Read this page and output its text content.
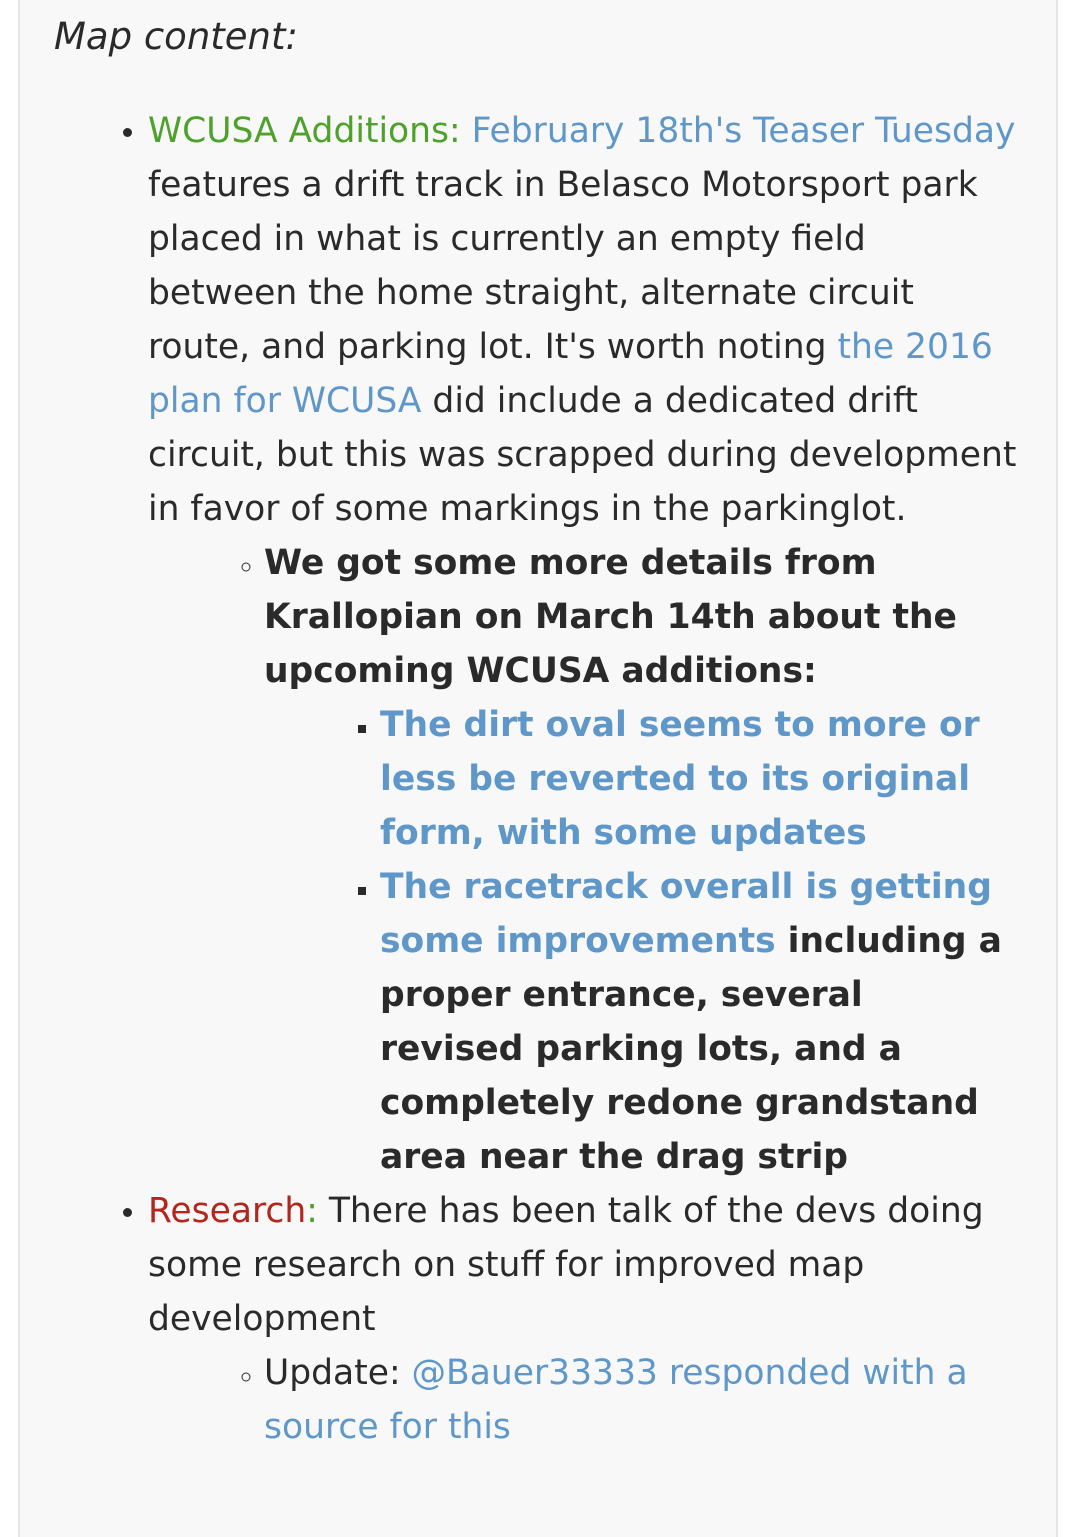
Map content:
• WCUSA Additions: February 18th's Teaser Tuesday features a drift track in Belasco Motorsport park placed in what is currently an empty field between the home straight, alternate circuit route, and parking lot. It's worth noting the 2016 plan for WCUSA did include a dedicated drift circuit, but this was scrapped during development in favor of some markings in the parkinglot.
◦ We got some more details from Krallopian on March 14th about the upcoming WCUSA additions:
▪ The dirt oval seems to more or less be reverted to its original form, with some updates
▪ The racetrack overall is getting some improvements including a proper entrance, several revised parking lots, and a completely redone grandstand area near the drag strip
• Research: There has been talk of the devs doing some research on stuff for improved map development
◦ Update: @Bauer33333 responded with a source for this
